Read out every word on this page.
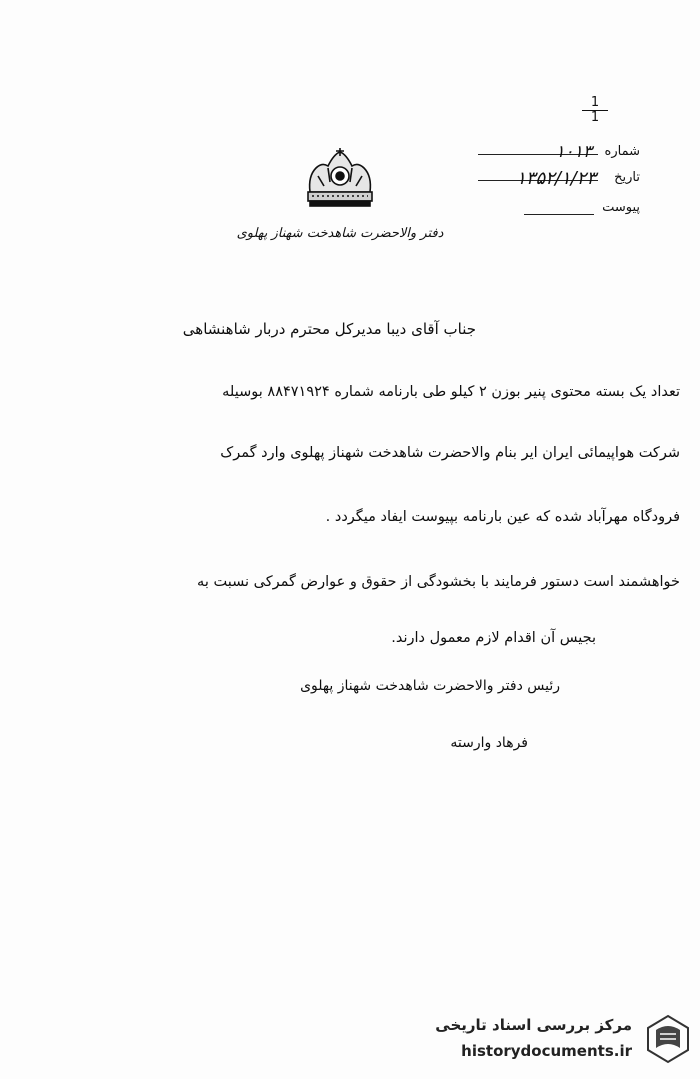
$\frac{1}{1}$
شماره
۱۰۱۳
تاریخ
۱۳۵۲/۱/۲۳
پیوست
دفتر والاحضرت شاهدخت شهناز پهلوی
جناب آقای دیبا مدیرکل محترم دربار شاهنشاهی
تعداد یک بسته محتوی پنیر بوزن ۲ کیلو طی بارنامه شماره ۸۸۴۷۱۹۲۴ بوسیله
شرکت هواپیمائی ایران ایر بنام والاحضرت شاهدخت شهناز پهلوی وارد گمرک
فرودگاه مهرآباد شده که عین بارنامه بپیوست ایفاد میگردد .
خواهشمند است دستور فرمایند با بخشودگی از حقوق و عوارض گمرکی نسبت به
بجیس آن اقدام لازم معمول دارند.
رئیس دفتر والاحضرت شاهدخت شهناز پهلوی
فرهاد وارسته
مرکز بررسی اسناد تاریخی
historydocuments.ir
